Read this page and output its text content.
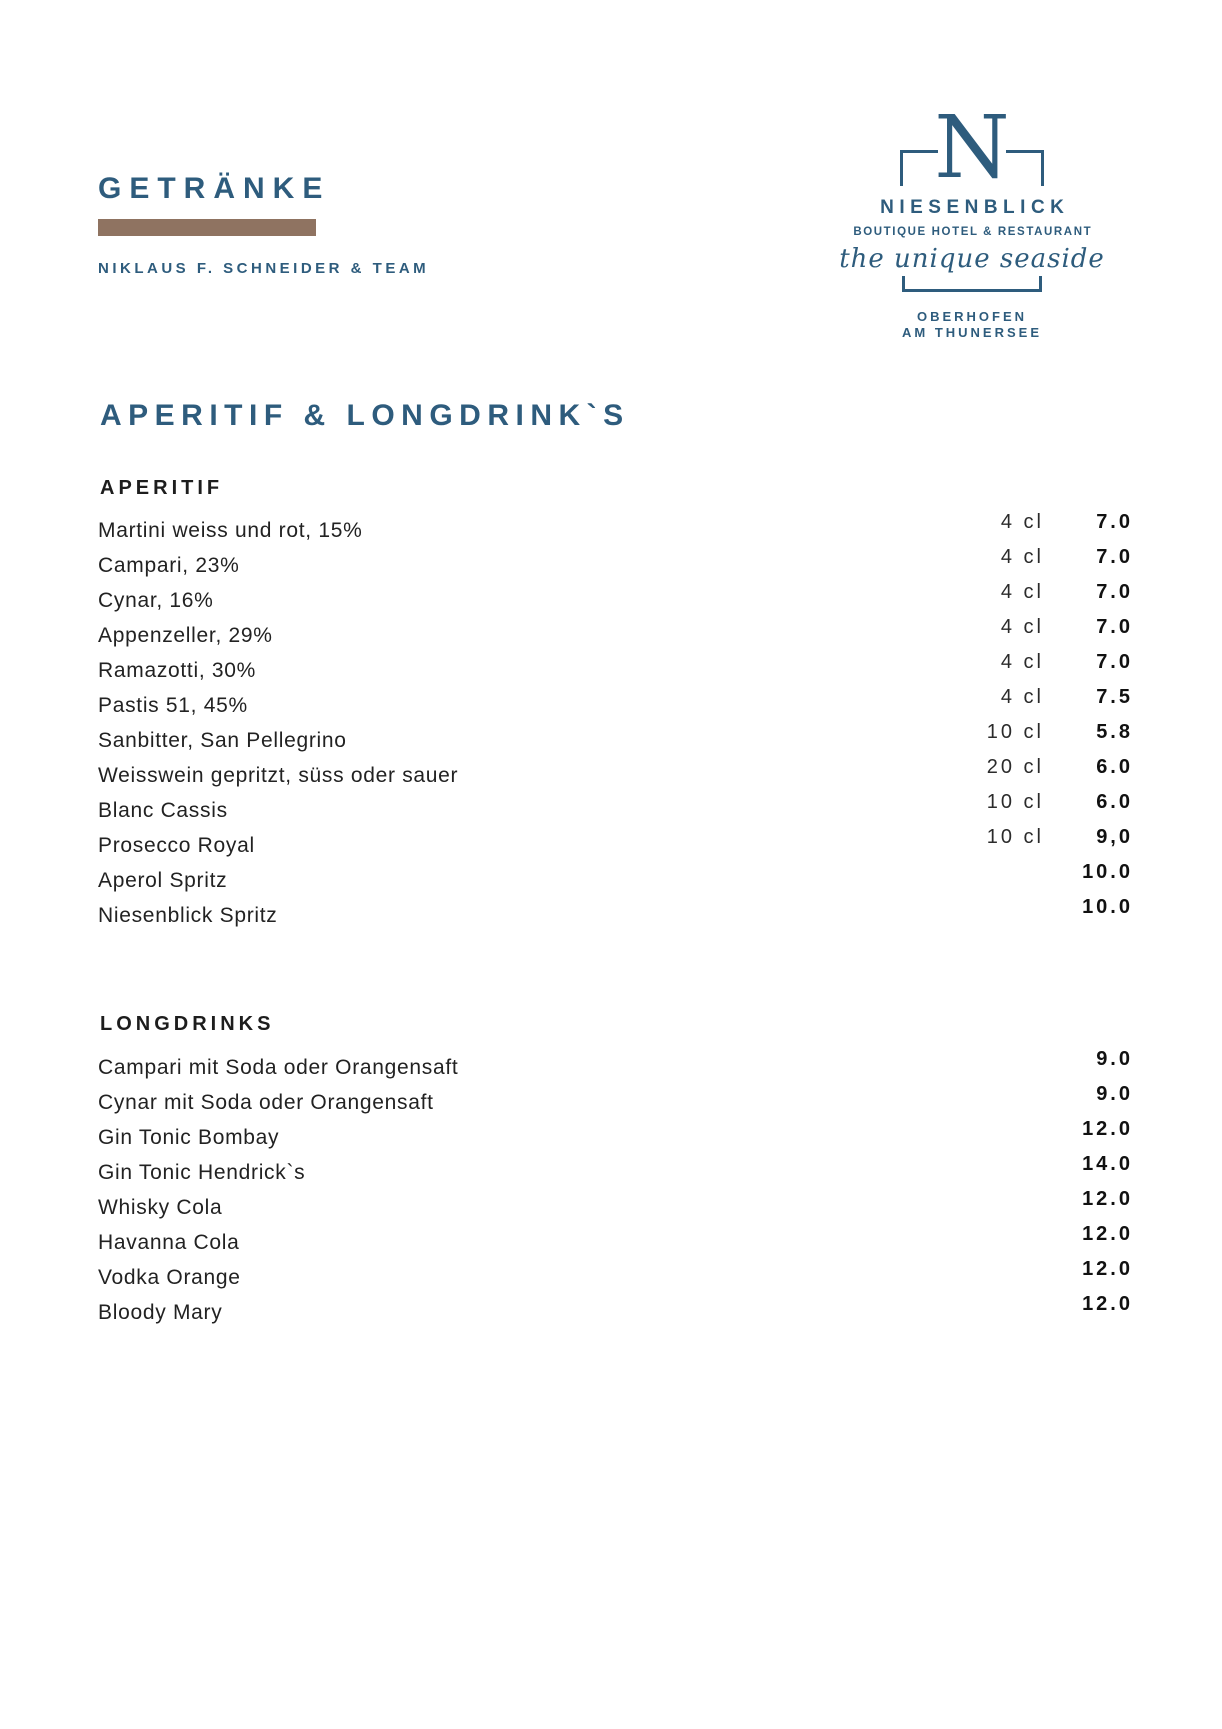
GETRÄNKE
NIKLAUS F. SCHNEIDER & TEAM
N
NIESENBLICK
BOUTIQUE HOTEL & RESTAURANT
the unique seaside
OBERHOFEN
AM THUNERSEE
APERITIF & LONGDRINK`S
APERITIF
Martini weiss und rot, 15%	4 cl	7.0
Campari, 23%	4 cl	7.0
Cynar, 16%	4 cl	7.0
Appenzeller, 29%	4 cl	7.0
Ramazotti, 30%	4 cl	7.0
Pastis 51, 45%	4 cl	7.5
Sanbitter, San Pellegrino	10 cl	5.8
Weisswein gepritzt, süss oder sauer	20 cl	6.0
Blanc Cassis	10 cl	6.0
Prosecco Royal	10 cl	9,0
Aperol Spritz	10.0
Niesenblick Spritz	10.0
LONGDRINKS
Campari mit Soda oder Orangensaft	9.0
Cynar mit Soda oder Orangensaft	9.0
Gin Tonic Bombay	12.0
Gin Tonic Hendrick`s	14.0
Whisky Cola	12.0
Havanna Cola	12.0
Vodka Orange	12.0
Bloody Mary	12.0
